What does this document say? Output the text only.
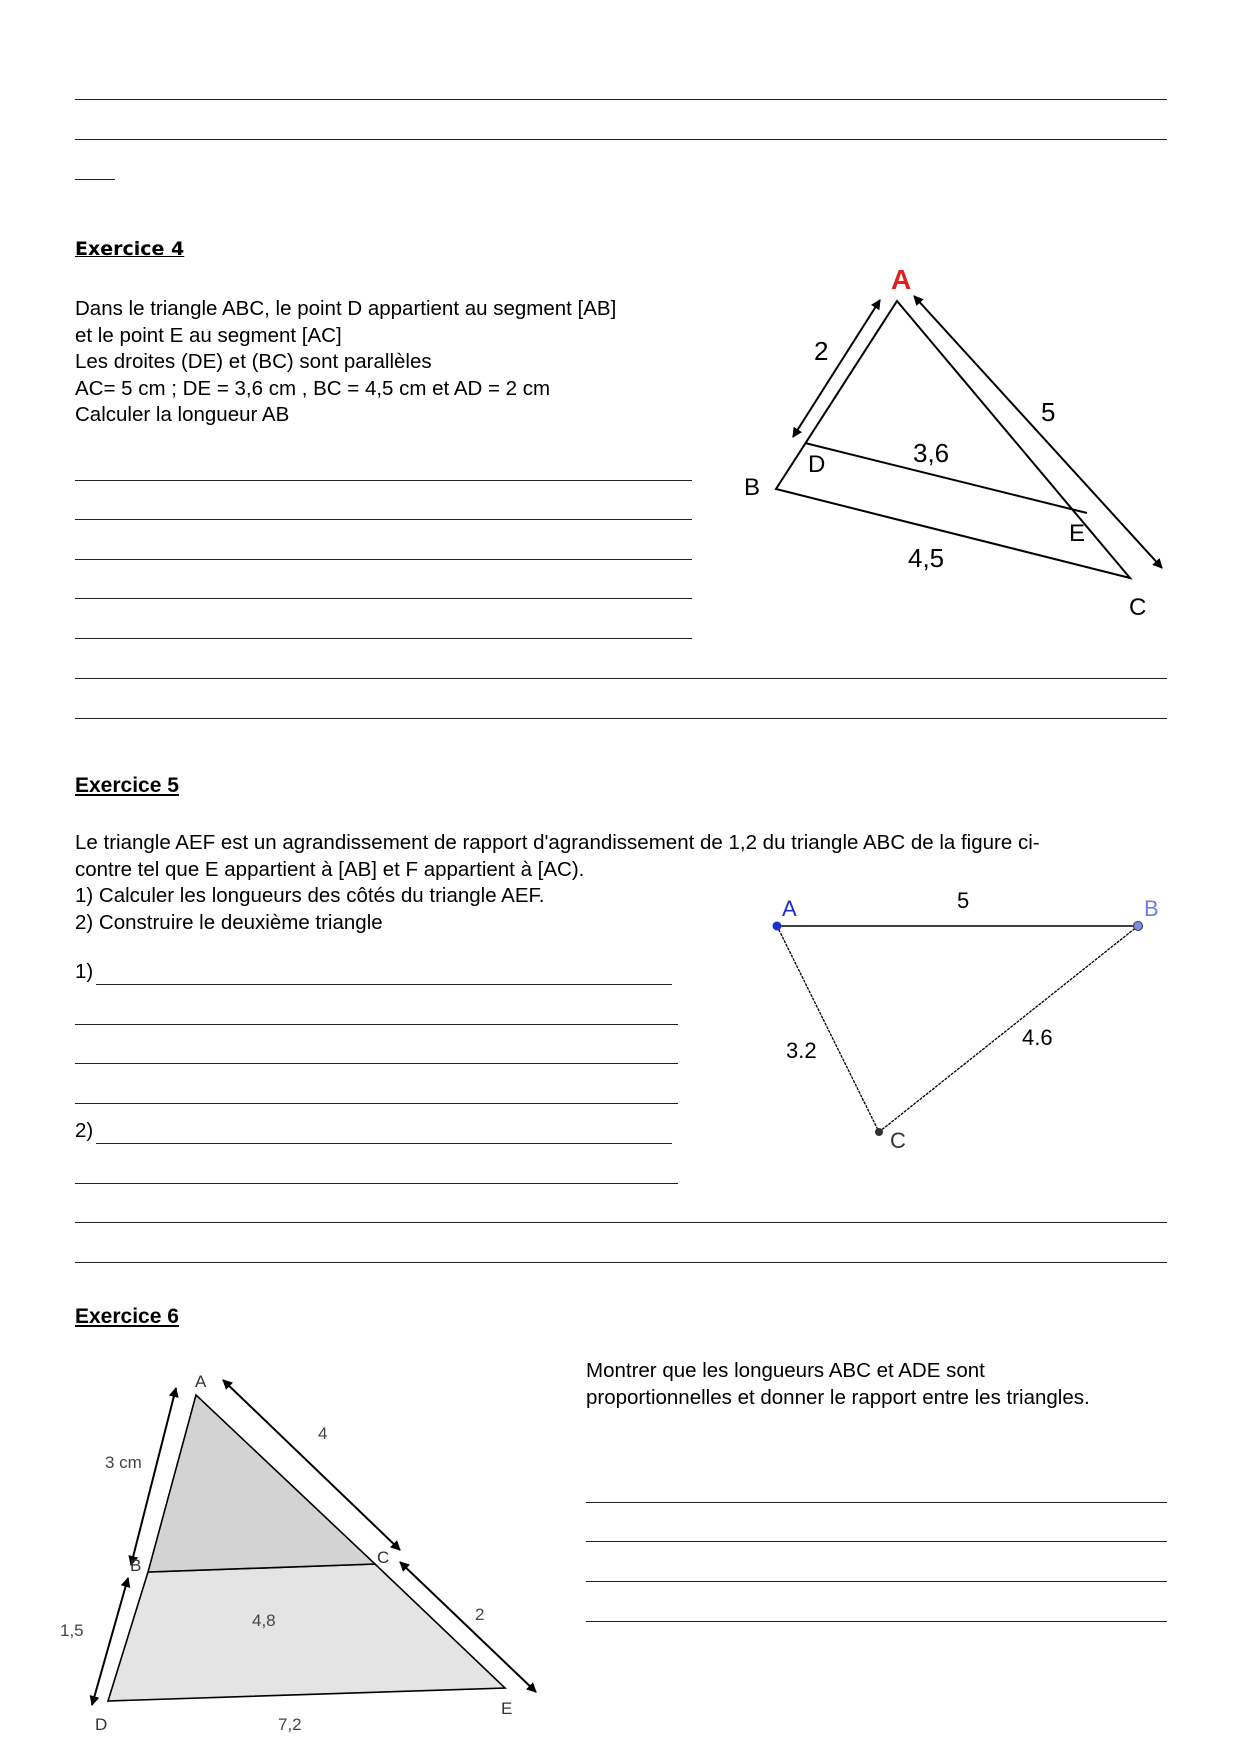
Exercice 4
Dans le triangle ABC, le point D appartient au segment [AB]
et le point E au segment [AC]
Les droites (DE) et (BC) sont parallèles
AC= 5 cm ; DE = 3,6 cm , BC = 4,5 cm et AD = 2 cm
Calculer la longueur AB
A
B
C
D
E
2
5
3,6
4,5
Exercice 5
Le triangle AEF est un agrandissement de rapport d'agrandissement de 1,2 du triangle ABC de la figure ci-
contre tel que E appartient à [AB] et F appartient à [AC).
1) Calculer les longueurs des côtés du triangle AEF.
2) Construire le deuxième triangle
1)
2)
A	B
C
5
3.2
4.6
Exercice 6
Montrer que les longueurs ABC et ADE sont
proportionnelles et donner le rapport entre les triangles.
A
B	C
D
E
3 cm
1,5
4
2
4,8
7,2
